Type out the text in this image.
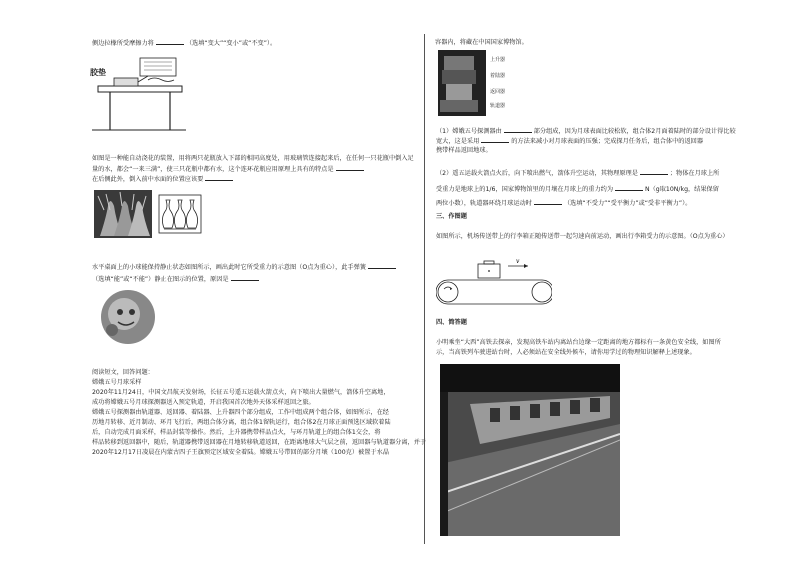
侧边拉橡所受摩擦力将	（选填“变大”“变小”或“不变”）。
胶垫
如图是一种能自动浇花的装置，用将两只花瓶放入下部的相同高度处，用玻璃管连接起来后，在任何一只花瓶中倒入足
量的水，都会“一来三满”，使三只花瓶中都有水，这个连环花瓶应用原理上具有的特点是
在后侧此外，倒入前中水面的位置应该要
水平桌面上的小球能保持静止状态如图所示，画出此时它所受重力的示意图（O点为重心），此手弹簧
（选填“能”或“不能”）静止在图示的位置，原因是
阅读短文，回答问题：
嫦娥五号月球采样
2020年11月24日，中国文昌航天发射场，长征五号遥五运载火箭点火，向下喷出大量燃气，箭体升空离地，
成功将嫦娥五号月球探测器送入预定轨道，开启我国首次地外天体采样返回之旅。
嫦娥五号探测器由轨道器、返回器、着陆器、上升器四个部分组成，工作中组成两个组合体，如图所示，在经
历地月转移、近月制动、环月飞行后，两组合体分离，组合体1留轨运行，组合体2在月球正面预选区域软着陆
后，自动完成月面采样，样品封装等操作。然后，上升器携带样品点火，与环月轨道上的组合体1交会，将
样品转移到返回器中，随后，轨道器携带返回器在月地转移轨道返回，在距离地球大气层之前，返回器与轨道器分离，并于
2020年12月17日凌晨在内蒙古四子王旗预定区域安全着陆。嫦娥五号带回的部分月壤（100克）被置于水晶
容器内，将藏在中国国家博物馆。
上升器
着陆器
返回器
轨道器
（1）嫦娥五号探测器由	部分组成，因为月球表面比较松软，组合体2月面着陆时的部分设计得比较
宽大，这是采用	的方法来减小对月球表面的压强；完成探月任务后，组合体中的返回器
携带样品返回地球。
（2）遥五运载火箭点火后，向下喷出燃气，箭体升空运动，其物理原理是	；物体在月球上所
受重力是地球上的1/6，国家博物馆里的月壤在月球上的重力约为	N（g取10N/kg，结果保留
两位小数），轨道器环绕月球运动时	（选填“不受力”“受平衡力”或“受非平衡力”）。
三、作图题
如图所示，机场传送带上的行李箱正随传送带一起匀速向前运动，画出行李箱受力的示意图。（O点为重心）
v
四、简答题
小明乘坐“大西”高铁去探亲，发现高铁车站内离站台边缘一定距离的地方都标有一条黄色安全线，如图所
示，当高铁列车驶进站台时，人必须站在安全线外候车，请你用学过的物理知识解释上述现象。
